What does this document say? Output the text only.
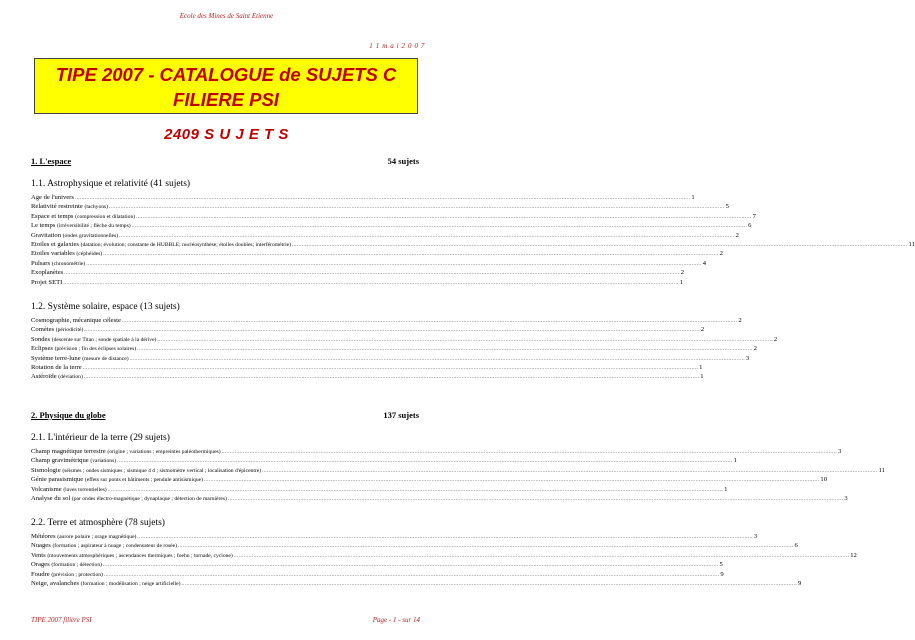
Ecole des Mines de Saint Etienne
1 1 m a i 2 0 0 7
TIPE 2007 - CATALOGUE de SUJETS C
FILIERE PSI
2409 S U J E T S
1. L'espace	54 sujets
1.1. Astrophysique et relativité (41 sujets)
Age de l'univers .....	1
Relativité restreinte (tachyons) .....	5
Espace et temps (compression et dilatation) .....	7
Le temps (irréversibilité ; flèche du temps) .....	6
Gravitation (ondes gravitationnelles) .....	2
Etoiles et galaxies (datation; évolution; constante de HUBBLE; nucléosynthèse; étoiles doubles; interférométrie) .....	11
Etoiles variables (céphéides) .....	2
Pulsars (chronométrie) .....	4
Exoplanètes .....	2
Projet SETI .....	1
1.2. Système solaire, espace (13 sujets)
Cosmographie, mécanique céleste .....	2
Comètes (périodicité) .....	2
Sondes (descente sur Titan ; sonde spatiale à la dérive) .....	2
Eclipses (prévision ; fin des éclipses solaires) .....	2
Système terre-lune (mesure de distance) .....	3
Rotation de la terre .....	1
Astéroïde (déviation) .....	1
2. Physique du globe	137 sujets
2.1. L'intérieur de la terre (29 sujets)
Champ magnétique terrestre (origine ; variations ; empreintes paléothermiques) .....	3
Champ gravimétrique (variations) .....	1
Sismologie (séismes ; ondes sismiques ; sismique 4 d ; sismomètre vertical ; localisation d'épicentre) .....	11
Génie parasismique (effets sur ponts et bâtiments ; pendule antisismique) .....	10
Volcanisme (laves torrentielles) .....	1
Analyse du sol (par ondes électro-magnétique ; dynaplaque ; détection de marnières) .....	3
2.2. Terre et atmosphère (78 sujets)
Météores (aurore polaire ; orage magnétique) .....	3
Nuages (formation ; aspirateur à nuage ; condensateur de rosée) .....	6
Vents (mouvements atmosphériques ; ascendances thermiques ; foehn ; tornade, cyclone) .....	12
Orages (formation ; détection) .....	5
Foudre (prévision ; protection) .....	9
Neige, avalanches (formation ; modélisation ; neige artificielle) .....	9
TIPE 2007 filière PSI	Page - 1 - sur 14
